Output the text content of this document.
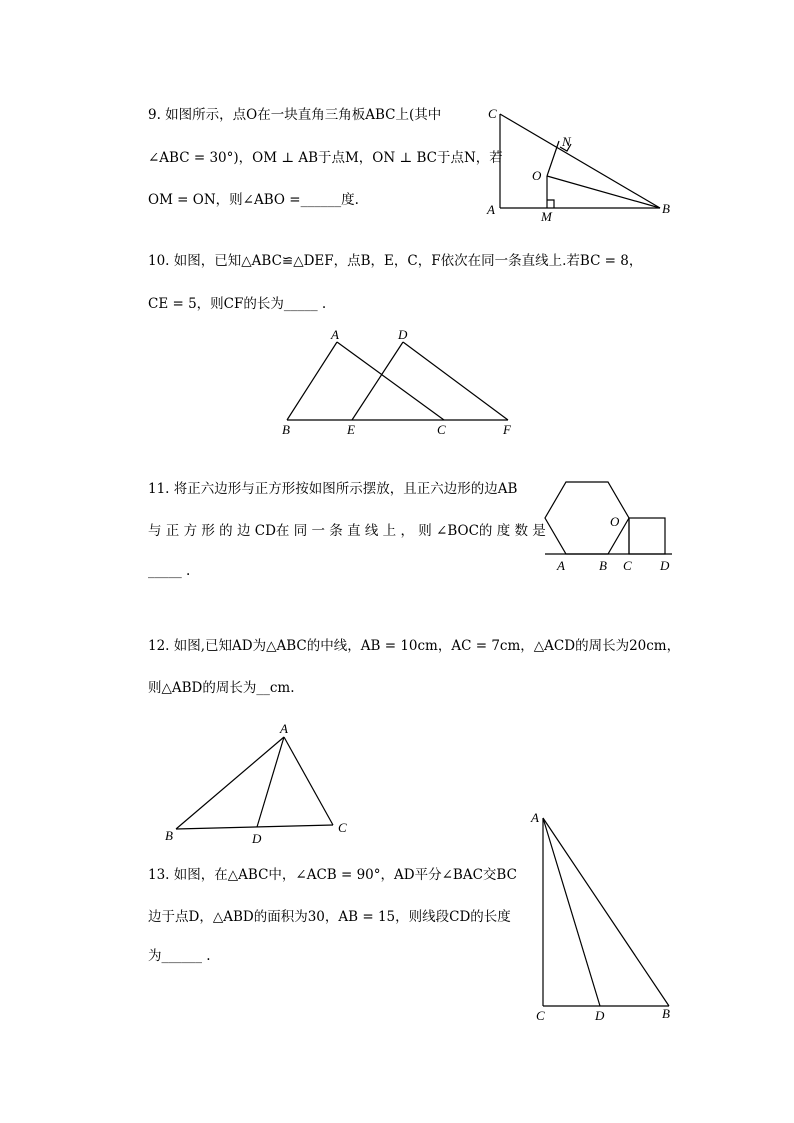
9. 如图所示，点O在一块直角三角板ABC上(其中
∠ABC = 30°)，OM ⊥ AB于点M，ON ⊥ BC于点N，若
OM = ON，则∠ABO =______度.
10. 如图，已知△ABC≌△DEF，点B，E，C，F依次在同一条直线上.若BC = 8，
CE = 5，则CF的长为_____ .
11. 将正六边形与正方形按如图所示摆放，且正六边形的边AB
与 正 方 形 的 边 CD在 同 一 条 直 线 上 ， 则 ∠BOC的 度 数 是
_____ .
12. 如图,已知AD为△ABC的中线，AB = 10cm，AC = 7cm，△ACD的周长为20cm，
则△ABD的周长为__cm.
13. 如图，在△ABC中，∠ACB = 90°，AD平分∠BAC交BC
边于点D，△ABD的面积为30，AB = 15，则线段CD的长度
为______ .
C
N
O
A	M
B
A	D
B	E	C	F
O
A	B C D
A
B	D
C
A
C	D	B
